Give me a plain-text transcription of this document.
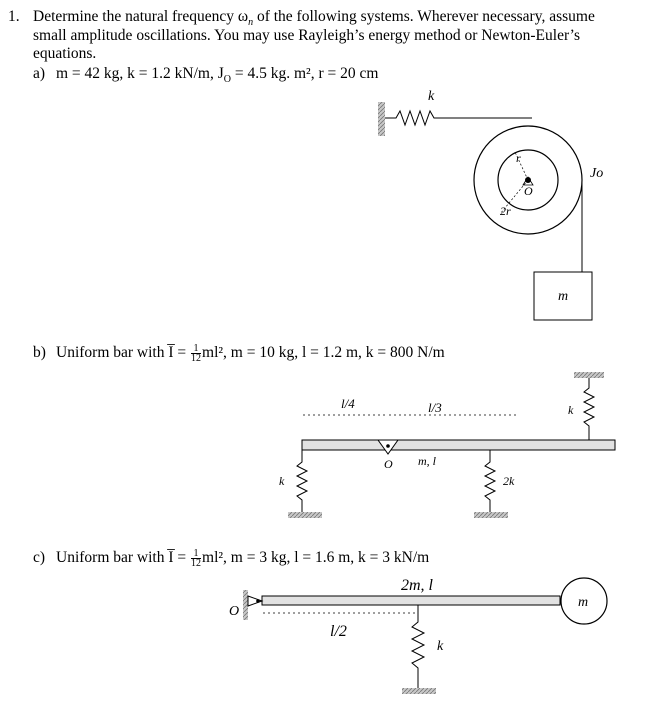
1. Determine the natural frequency $\omega_n$ of the following systems. Wherever necessary, assume
small amplitude oscillations. You may use Rayleigh’s energy method or Newton-Euler’s
equations.
a) m = 42 kg, k = 1.2 kN/m, $J_O = 4.5$ kg. m², r = 20 cm
b) Uniform bar with I̅ = $\frac{1}{12} ml^2$, m = 10 kg, l = 1.2 m, k = 800 N/m
c) Uniform bar with I̅ = $\frac{1}{12} ml^2$, m = 3 kg, l = 1.6 m, k = 3 kN/m
k
r
2r
O
Jo
m
l/4	l/3
O m, l
k	2k
k
O
2m, l
l/2
k
m
